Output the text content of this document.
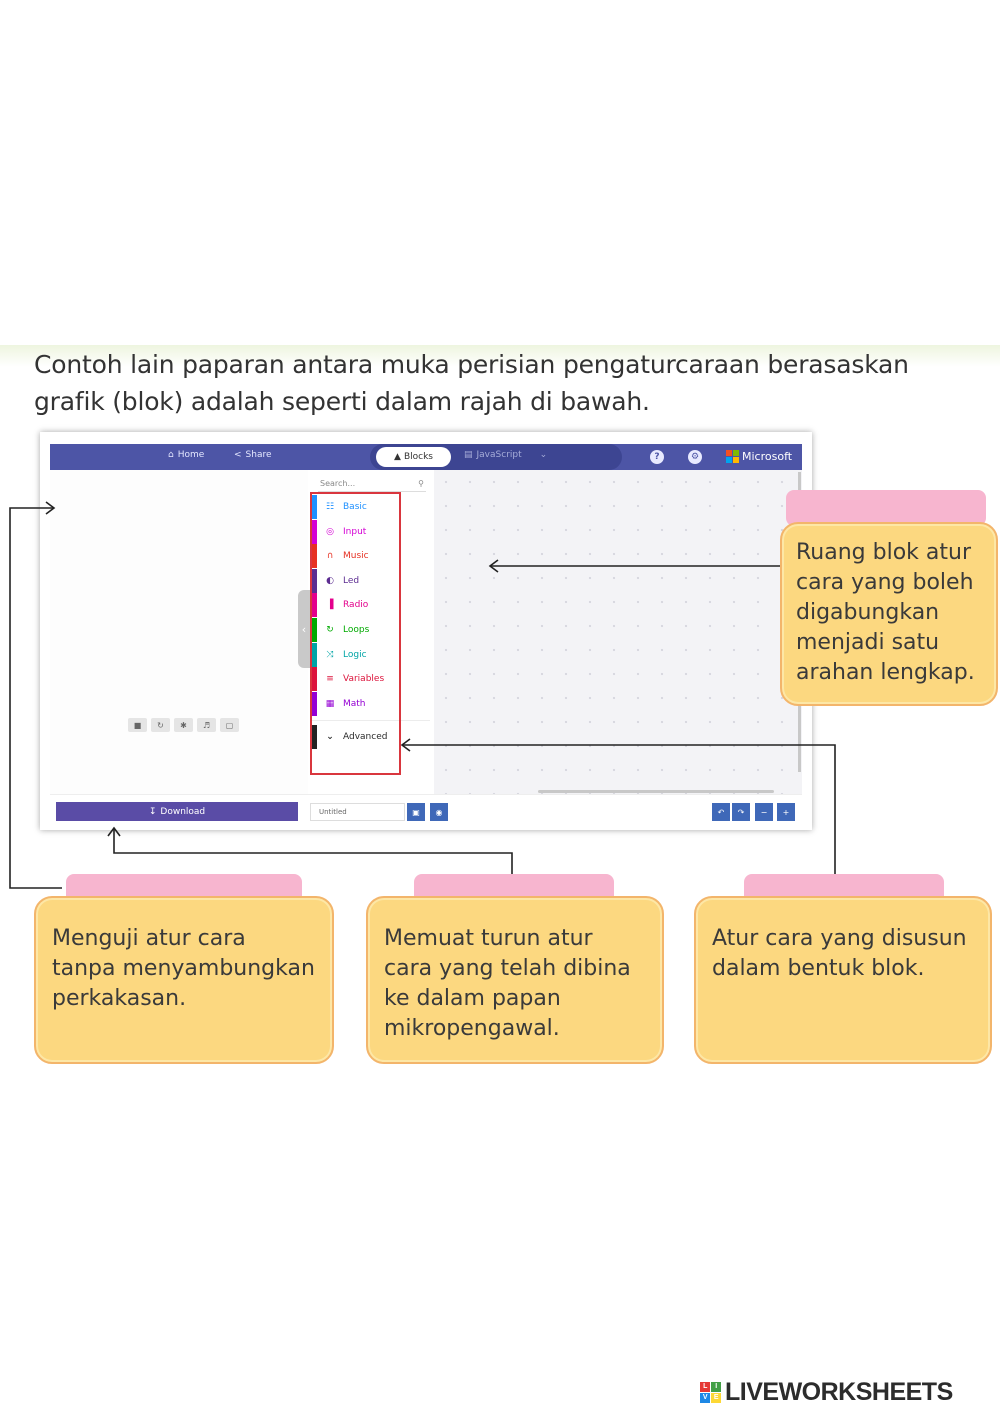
Contoh lain paparan antara muka perisian pengaturcaraan berasaskan grafik (blok) adalah seperti dalam rajah di bawah.

⌂ Home	< Share	▲ Blocks	▤ JavaScript ⌄	?	⚙	Microsoft
■	↻	✱	♬	▢
‹
Search...	⚲
⌄	Advanced
↧ Download	Untitled	▣	◉	↶	↷	−	+
☷ Basic
◎	Input
∩	Music
◐	Led
▐	Radio
↻	Loops
⤨	Logic
≡	Variables
▦ Math
Ruang blok atur cara yang boleh digabungkan menjadi satu arahan lengkap.
Menguji atur cara tanpa menyambungkan perkakasan.
Memuat turun atur cara yang telah dibina ke dalam papan mikropengawal.
Atur cara yang disusun dalam bentuk blok.
L	I
V E LIVEWORKSHEETS
